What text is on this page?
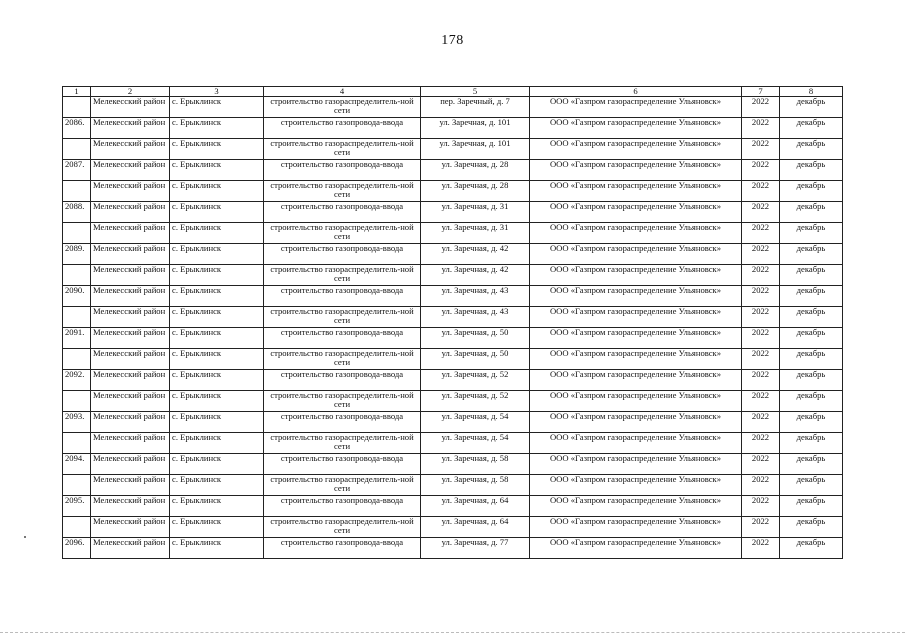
178
1	2	3	4	5	6	7	8
	Мелекесский район	с. Ерыклинск	строительство газораспределитель-ной сети	пер. Заречный, д. 7	ООО «Газпром газораспределение Ульяновск»	2022	декабрь
2086.	Мелекесский район	с. Ерыклинск	строительство газопровода-ввода	ул. Заречная, д. 101	ООО «Газпром газораспределение Ульяновск»	2022	декабрь
	Мелекесский район	с. Ерыклинск	строительство газораспределитель-ной сети	ул. Заречная, д. 101	ООО «Газпром газораспределение Ульяновск»	2022	декабрь
2087.	Мелекесский район	с. Ерыклинск	строительство газопровода-ввода	ул. Заречная, д. 28	ООО «Газпром газораспределение Ульяновск»	2022	декабрь
	Мелекесский район	с. Ерыклинск	строительство газораспределитель-ной сети	ул. Заречная, д. 28	ООО «Газпром газораспределение Ульяновск»	2022	декабрь
2088.	Мелекесский район	с. Ерыклинск	строительство газопровода-ввода	ул. Заречная, д. 31	ООО «Газпром газораспределение Ульяновск»	2022	декабрь
	Мелекесский район	с. Ерыклинск	строительство газораспределитель-ной сети	ул. Заречная, д. 31	ООО «Газпром газораспределение Ульяновск»	2022	декабрь
2089.	Мелекесский район	с. Ерыклинск	строительство газопровода-ввода	ул. Заречная, д. 42	ООО «Газпром газораспределение Ульяновск»	2022	декабрь
	Мелекесский район	с. Ерыклинск	строительство газораспределитель-ной сети	ул. Заречная, д. 42	ООО «Газпром газораспределение Ульяновск»	2022	декабрь
2090.	Мелекесский район	с. Ерыклинск	строительство газопровода-ввода	ул. Заречная, д. 43	ООО «Газпром газораспределение Ульяновск»	2022	декабрь
	Мелекесский район	с. Ерыклинск	строительство газораспределитель-ной сети	ул. Заречная, д. 43	ООО «Газпром газораспределение Ульяновск»	2022	декабрь
2091.	Мелекесский район	с. Ерыклинск	строительство газопровода-ввода	ул. Заречная, д. 50	ООО «Газпром газораспределение Ульяновск»	2022	декабрь
	Мелекесский район	с. Ерыклинск	строительство газораспределитель-ной сети	ул. Заречная, д. 50	ООО «Газпром газораспределение Ульяновск»	2022	декабрь
2092.	Мелекесский район	с. Ерыклинск	строительство газопровода-ввода	ул. Заречная, д. 52	ООО «Газпром газораспределение Ульяновск»	2022	декабрь
	Мелекесский район	с. Ерыклинск	строительство газораспределитель-ной сети	ул. Заречная, д. 52	ООО «Газпром газораспределение Ульяновск»	2022	декабрь
2093.	Мелекесский район	с. Ерыклинск	строительство газопровода-ввода	ул. Заречная, д. 54	ООО «Газпром газораспределение Ульяновск»	2022	декабрь
	Мелекесский район	с. Ерыклинск	строительство газораспределитель-ной сети	ул. Заречная, д. 54	ООО «Газпром газораспределение Ульяновск»	2022	декабрь
2094.	Мелекесский район	с. Ерыклинск	строительство газопровода-ввода	ул. Заречная, д. 58	ООО «Газпром газораспределение Ульяновск»	2022	декабрь
	Мелекесский район	с. Ерыклинск	строительство газораспределитель-ной сети	ул. Заречная, д. 58	ООО «Газпром газораспределение Ульяновск»	2022	декабрь
2095.	Мелекесский район	с. Ерыклинск	строительство газопровода-ввода	ул. Заречная, д. 64	ООО «Газпром газораспределение Ульяновск»	2022	декабрь
	Мелекесский район	с. Ерыклинск	строительство газораспределитель-ной сети	ул. Заречная, д. 64	ООО «Газпром газораспределение Ульяновск»	2022	декабрь
2096.	Мелекесский район	с. Ерыклинск	строительство газопровода-ввода	ул. Заречная, д. 77	ООО «Газпром газораспределение Ульяновск»	2022	декабрь
